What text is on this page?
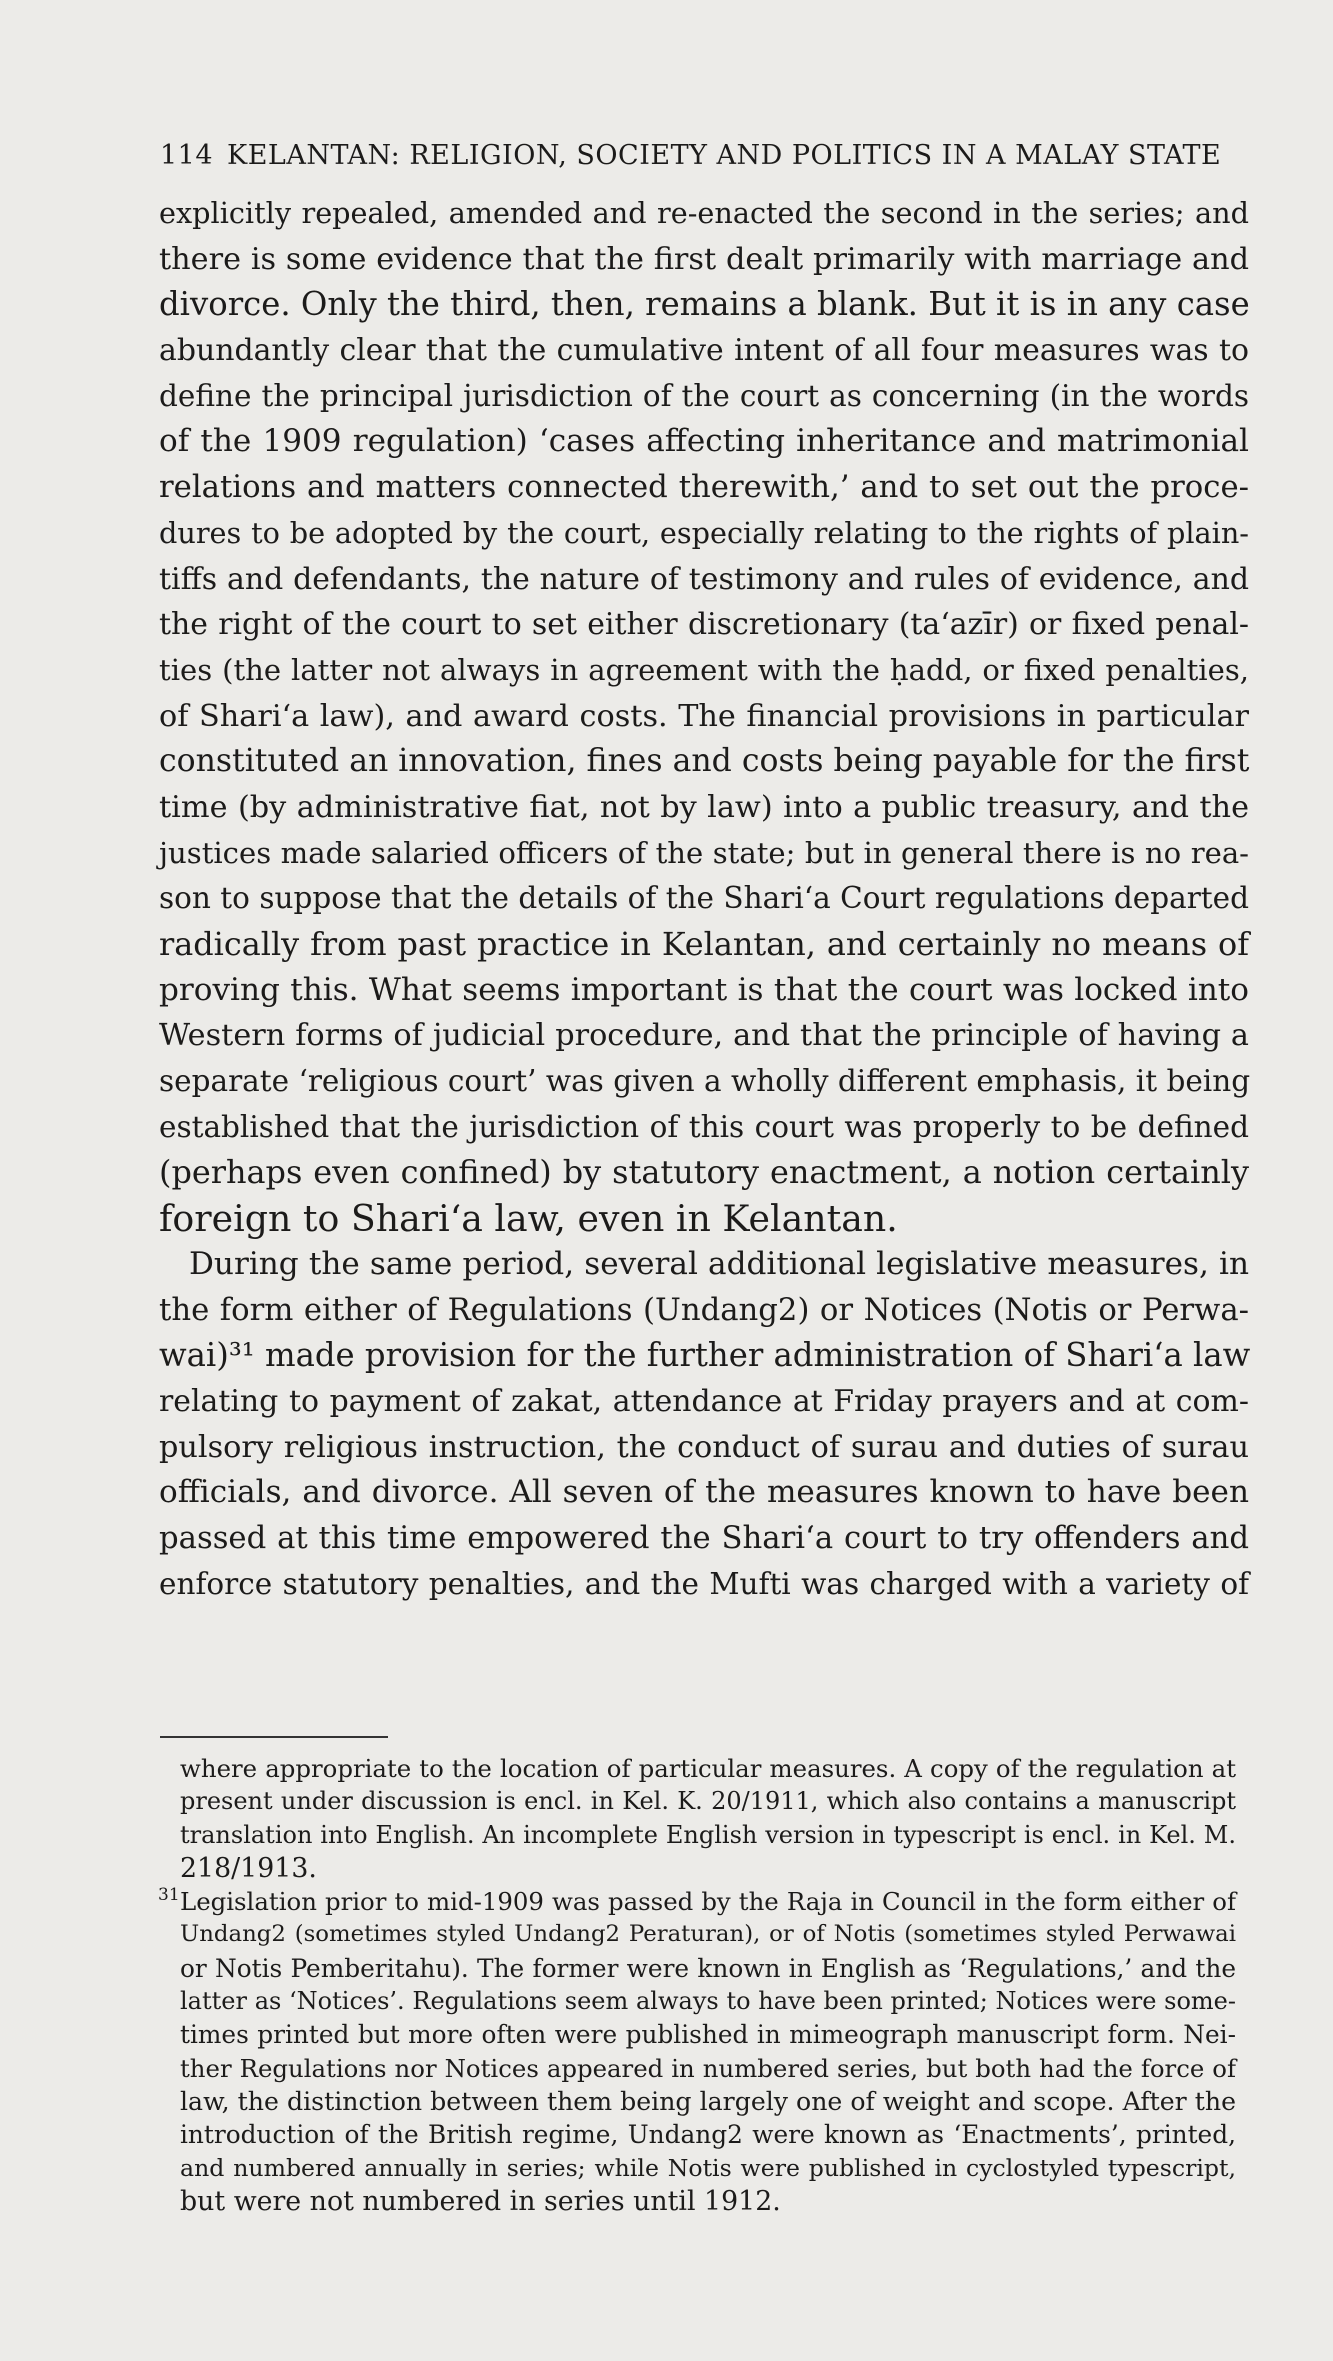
114 KELANTAN: RELIGION, SOCIETY AND POLITICS IN A MALAY STATE
explicitly repealed, amended and re-enacted the second in the series; and
there is some evidence that the first dealt primarily with marriage and
divorce. Only the third, then, remains a blank. But it is in any case
abundantly clear that the cumulative intent of all four measures was to
define the principal jurisdiction of the court as concerning (in the words
of the 1909 regulation) ‘cases affecting inheritance and matrimonial
relations and matters connected therewith,’ and to set out the proce-
dures to be adopted by the court, especially relating to the rights of plain-
tiffs and defendants, the nature of testimony and rules of evidence, and
the right of the court to set either discretionary (ta‘azīr) or fixed penal-
ties (the latter not always in agreement with the ḥadd, or fixed penalties,
of Shari‘a law), and award costs. The financial provisions in particular
constituted an innovation, fines and costs being payable for the first
time (by administrative fiat, not by law) into a public treasury, and the
justices made salaried officers of the state; but in general there is no rea-
son to suppose that the details of the Shari‘a Court regulations departed
radically from past practice in Kelantan, and certainly no means of
proving this. What seems important is that the court was locked into
Western forms of judicial procedure, and that the principle of having a
separate ‘religious court’ was given a wholly different emphasis, it being
established that the jurisdiction of this court was properly to be defined
(perhaps even confined) by statutory enactment, a notion certainly
foreign to Shari‘a law, even in Kelantan.
During the same period, several additional legislative measures, in
the form either of Regulations (Undang2) or Notices (Notis or Perwa-
wai)³¹ made provision for the further administration of Shari‘a law
relating to payment of zakat, attendance at Friday prayers and at com-
pulsory religious instruction, the conduct of surau and duties of surau
officials, and divorce. All seven of the measures known to have been
passed at this time empowered the Shari‘a court to try offenders and
enforce statutory penalties, and the Mufti was charged with a variety of
where appropriate to the location of particular measures. A copy of the regulation at
present under discussion is encl. in Kel. K. 20/1911, which also contains a manuscript
translation into English. An incomplete English version in typescript is encl. in Kel. M.
218/1913.
31 Legislation prior to mid-1909 was passed by the Raja in Council in the form either of
Undang2 (sometimes styled Undang2 Peraturan), or of Notis (sometimes styled Perwawai
or Notis Pemberitahu). The former were known in English as ‘Regulations,’ and the
latter as ‘Notices’. Regulations seem always to have been printed; Notices were some-
times printed but more often were published in mimeograph manuscript form. Nei-
ther Regulations nor Notices appeared in numbered series, but both had the force of
law, the distinction between them being largely one of weight and scope. After the
introduction of the British regime, Undang2 were known as ‘Enactments’, printed,
and numbered annually in series; while Notis were published in cyclostyled typescript,
but were not numbered in series until 1912.
